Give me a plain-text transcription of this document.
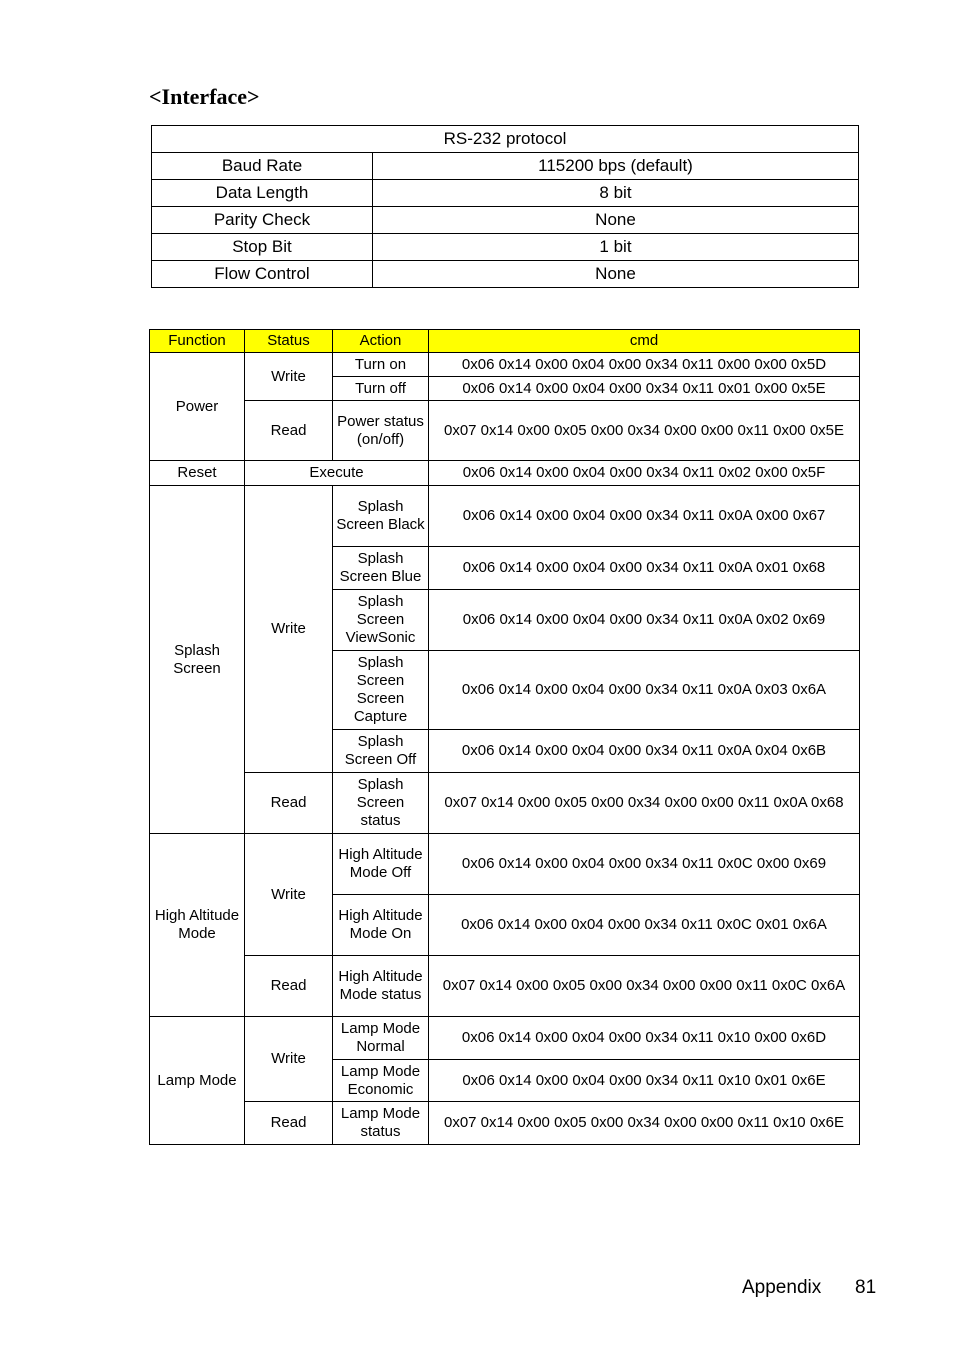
<Interface>
RS-232 protocol	
Baud Rate	115200 bps (default)
Data Length	8 bit
Parity Check	None
Stop Bit	1 bit
Flow Control	None
Function	Status	Action	cmd
Power	Write	Turn on	0x06 0x14 0x00 0x04 0x00 0x34 0x11 0x00 0x00 0x5D
		Turn off	0x06 0x14 0x00 0x04 0x00 0x34 0x11 0x01 0x00 0x5E
	Read	Power status (on/off)	0x07 0x14 0x00 0x05 0x00 0x34 0x00 0x00 0x11 0x00 0x5E
Reset	Execute		0x06 0x14 0x00 0x04 0x00 0x34 0x11 0x02 0x00 0x5F
Splash Screen	Write	Splash Screen Black	0x06 0x14 0x00 0x04 0x00 0x34 0x11 0x0A 0x00 0x67
		Splash Screen Blue	0x06 0x14 0x00 0x04 0x00 0x34 0x11 0x0A 0x01 0x68
		Splash Screen ViewSonic	0x06 0x14 0x00 0x04 0x00 0x34 0x11 0x0A 0x02 0x69
		Splash Screen Screen Capture	0x06 0x14 0x00 0x04 0x00 0x34 0x11 0x0A 0x03 0x6A
		Splash Screen Off	0x06 0x14 0x00 0x04 0x00 0x34 0x11 0x0A 0x04 0x6B
	Read	Splash Screen status	0x07 0x14 0x00 0x05 0x00 0x34 0x00 0x00 0x11 0x0A 0x68
High Altitude Mode	Write	High Altitude Mode Off	0x06 0x14 0x00 0x04 0x00 0x34 0x11 0x0C 0x00 0x69
		High Altitude Mode On	0x06 0x14 0x00 0x04 0x00 0x34 0x11 0x0C 0x01 0x6A
	Read	High Altitude Mode status	0x07 0x14 0x00 0x05 0x00 0x34 0x00 0x00 0x11 0x0C 0x6A
Lamp Mode	Write	Lamp Mode Normal	0x06 0x14 0x00 0x04 0x00 0x34 0x11 0x10 0x00 0x6D
		Lamp Mode Economic	0x06 0x14 0x00 0x04 0x00 0x34 0x11 0x10 0x01 0x6E
	Read	Lamp Mode status	0x07 0x14 0x00 0x05 0x00 0x34 0x00 0x00 0x11 0x10 0x6E
Appendix 81
